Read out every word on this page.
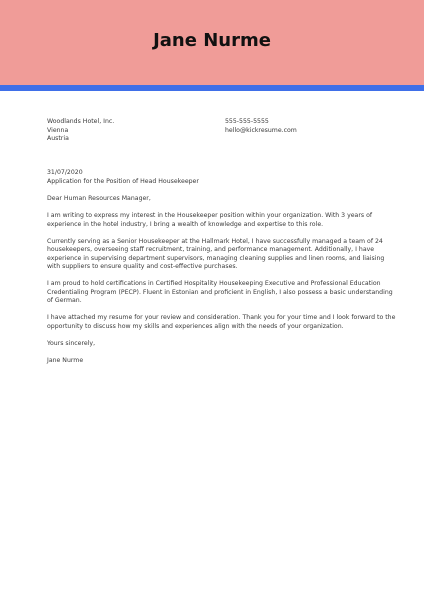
Jane Nurme
Woodlands Hotel, Inc.
Vienna
Austria
555-555-5555
hello@kickresume.com
31/07/2020
Application for the Position of Head Housekeeper

Dear Human Resources Manager,

I am writing to express my interest in the Housekeeper position within your organization. With 3 years of experience in the hotel industry, I bring a wealth of knowledge and expertise to this role.

Currently serving as a Senior Housekeeper at the Hallmark Hotel, I have successfully managed a team of 24 housekeepers, overseeing staff recruitment, training, and performance management. Additionally, I have experience in supervising department supervisors, managing cleaning supplies and linen rooms, and liaising with suppliers to ensure quality and cost-effective purchases.

I am proud to hold certifications in Certified Hospitality Housekeeping Executive and Professional Education Credentialing Program (PECP). Fluent in Estonian and proficient in English, I also possess a basic understanding of German.

I have attached my resume for your review and consideration. Thank you for your time and I look forward to the opportunity to discuss how my skills and experiences align with the needs of your organization.

Yours sincerely,

Jane Nurme
